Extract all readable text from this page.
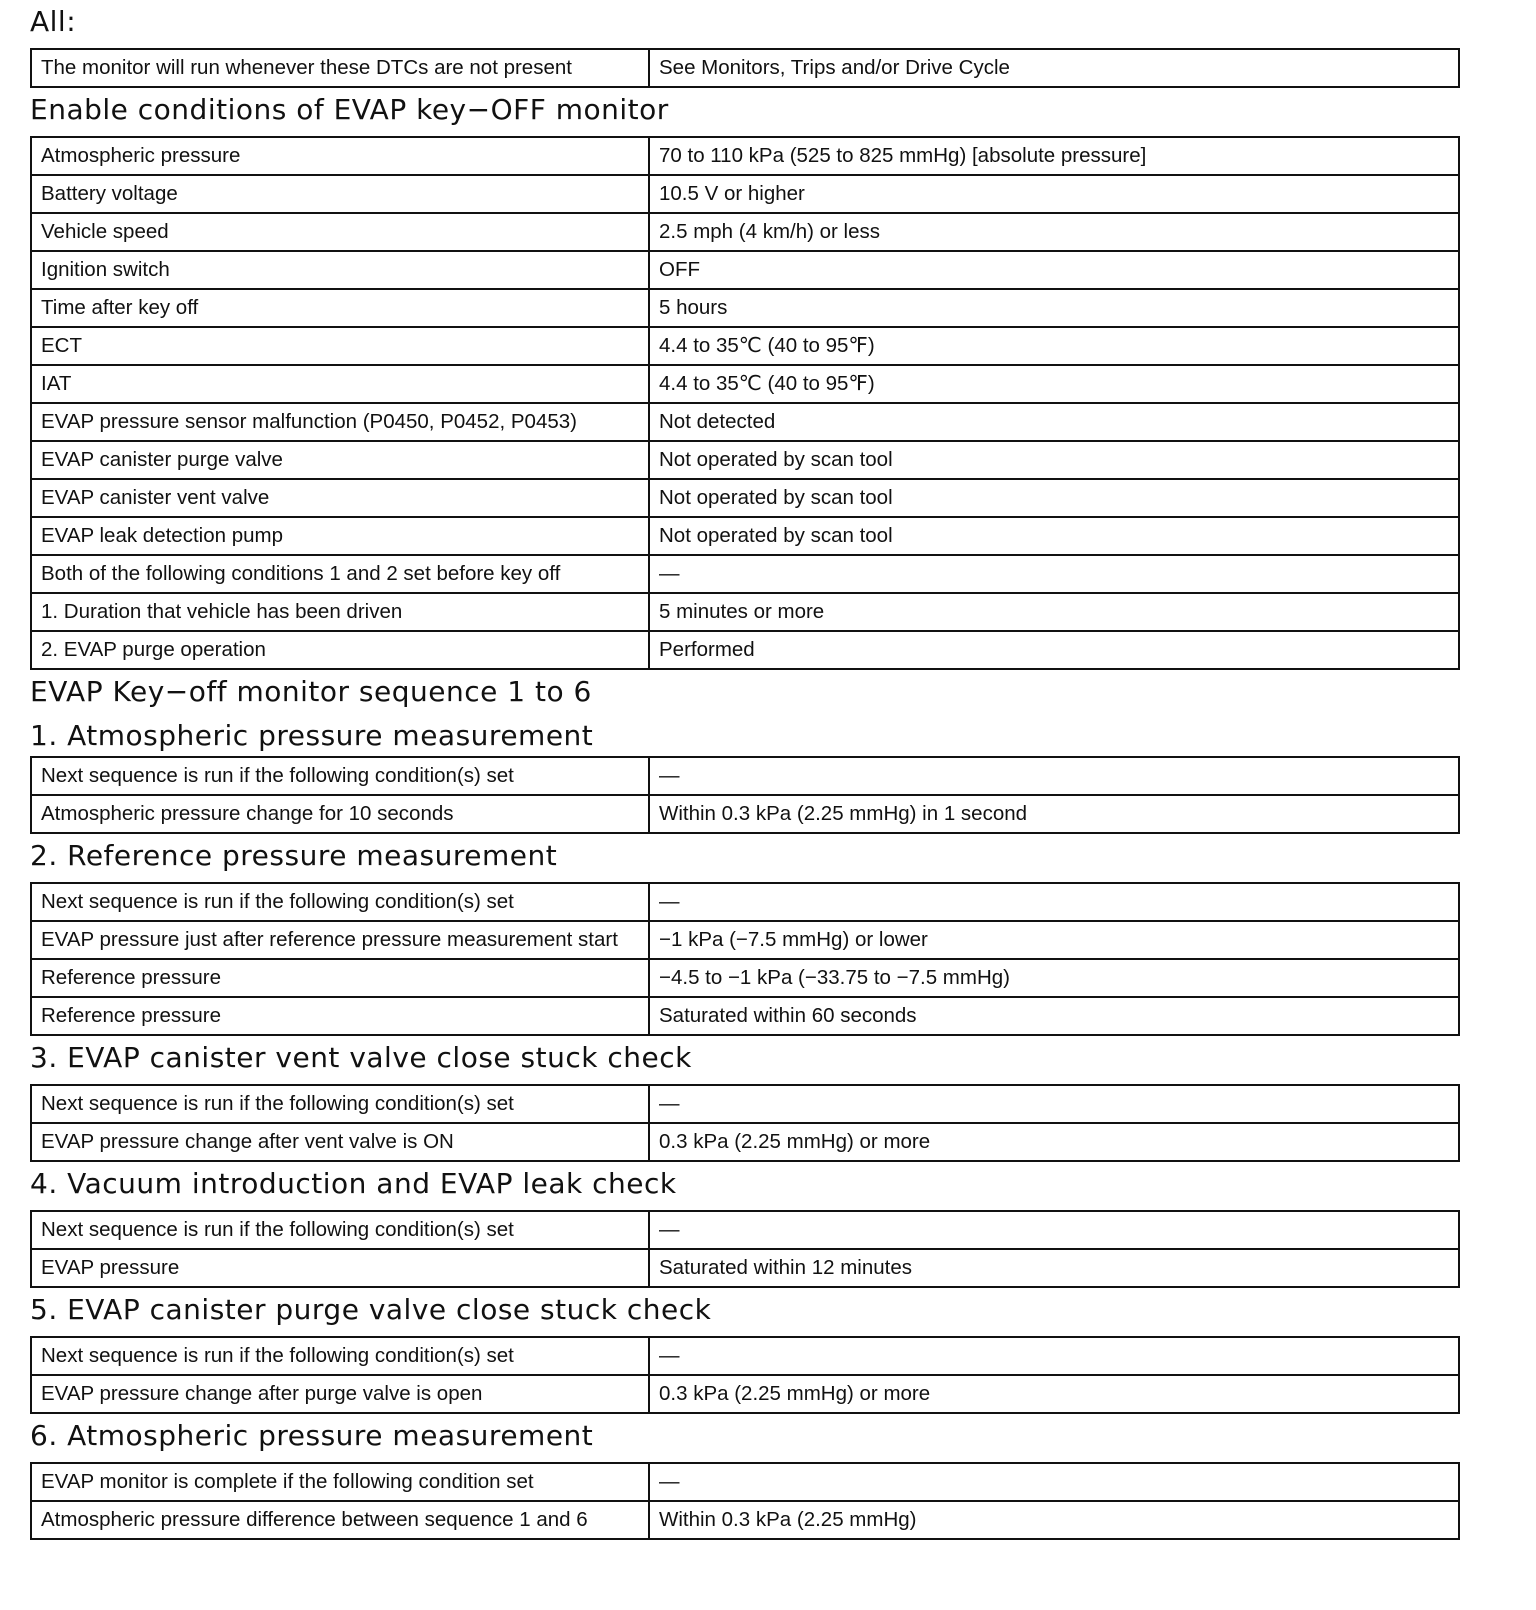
All:
The monitor will run whenever these DTCs are not present	See Monitors, Trips and/or Drive Cycle
Enable conditions of EVAP key−OFF monitor
Atmospheric pressure	70 to 110 kPa (525 to 825 mmHg) [absolute pressure]
Battery voltage	10.5 V or higher
Vehicle speed	2.5 mph (4 km/h) or less
Ignition switch	OFF
Time after key off	5 hours
ECT	4.4 to 35℃ (40 to 95℉)
IAT	4.4 to 35℃ (40 to 95℉)
EVAP pressure sensor malfunction (P0450, P0452, P0453)	Not detected
EVAP canister purge valve	Not operated by scan tool
EVAP canister vent valve	Not operated by scan tool
EVAP leak detection pump	Not operated by scan tool
Both of the following conditions 1 and 2 set before key off	—
1. Duration that vehicle has been driven	5 minutes or more
2. EVAP purge operation	Performed
EVAP Key−off monitor sequence 1 to 6
1. Atmospheric pressure measurement
Next sequence is run if the following condition(s) set	—
Atmospheric pressure change for 10 seconds	Within 0.3 kPa (2.25 mmHg) in 1 second
2. Reference pressure measurement
Next sequence is run if the following condition(s) set	—
EVAP pressure just after reference pressure measurement start	−1 kPa (−7.5 mmHg) or lower
Reference pressure	−4.5 to −1 kPa (−33.75 to −7.5 mmHg)
Reference pressure	Saturated within 60 seconds
3. EVAP canister vent valve close stuck check
Next sequence is run if the following condition(s) set	—
EVAP pressure change after vent valve is ON	0.3 kPa (2.25 mmHg) or more
4. Vacuum introduction and EVAP leak check
Next sequence is run if the following condition(s) set	—
EVAP pressure	Saturated within 12 minutes
5. EVAP canister purge valve close stuck check
Next sequence is run if the following condition(s) set	—
EVAP pressure change after purge valve is open	0.3 kPa (2.25 mmHg) or more
6. Atmospheric pressure measurement
EVAP monitor is complete if the following condition set	—
Atmospheric pressure difference between sequence 1 and 6	Within 0.3 kPa (2.25 mmHg)
